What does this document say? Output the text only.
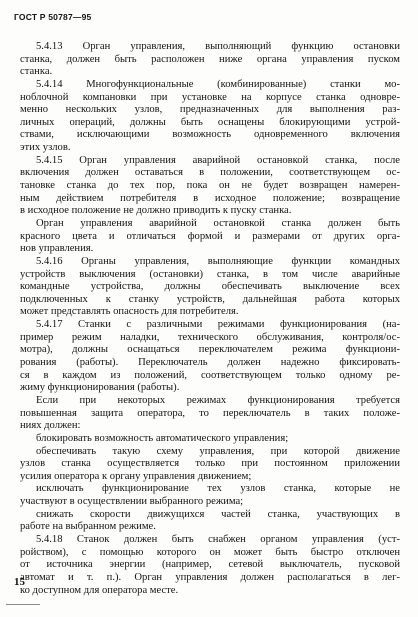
ГОСТ Р 50787—95
5.4.13 Орган управления, выполняющий функцию остановки
станка, должен быть расположен ниже органа управления пуском
станка.
5.4.14 Многофункциональные (комбинированные) станки мо-
ноблочной компановки при установке на корпусе станка одновре-
менно нескольких узлов, предназначенных для выполнения раз-
личных операций, должны быть оснащены блокирующими устрой-
ствами, исключающими возможность одновременного включения
этих узлов.
5.4.15 Орган управления аварийной остановкой станка, после
включения должен оставаться в положении, соответствующем ос-
тановке станка до тех пор, пока он не будет возвращен намерен-
ным действием потребителя в исходное положение; возвращение
в исходное положение не должно приводить к пуску станка.
Орган управления аварийной остановкой станка должен быть
красного цвета и отличаться формой и размерами от других орга-
нов управления.
5.4.16 Органы управления, выполняющие функции командных
устройств выключения (остановки) станка, в том числе аварийные
командные устройства, должны обеспечивать выключение всех
подключенных к станку устройств, дальнейшая работа которых
может представлять опасность для потребителя.
5.4.17 Станки с различными режимами функционирования (на-
пример режим наладки, технического обслуживания, контроля/ос-
мотра), должны оснащаться переключателем режима функциони-
рования (работы). Переключатель должен надежно фиксировать-
ся в каждом из положений, соответствующем только одному ре-
жиму функционирования (работы).
Если при некоторых режимах функционирования требуется
повышенная защита оператора, то переключатель в таких положе-
ниях должен:
блокировать возможность автоматического управления;
обеспечивать такую схему управления, при которой движение
узлов станка осуществляется только при постоянном приложении
усилия оператора к органу управления движением;
исключать функционирование тех узлов станка, которые не
участвуют в осуществлении выбранного режима;
снижать скорости движущихся частей станка, участвующих в
работе на выбранном режиме.
5.4.18 Станок должен быть снабжен органом управления (уст-
ройством), с помощью которого он может быть быстро отключен
от источника энергии (например, сетевой выключатель, пусковой
автомат и т. п.). Орган управления должен располагаться в лег-
ко доступном для оператора месте.
15
